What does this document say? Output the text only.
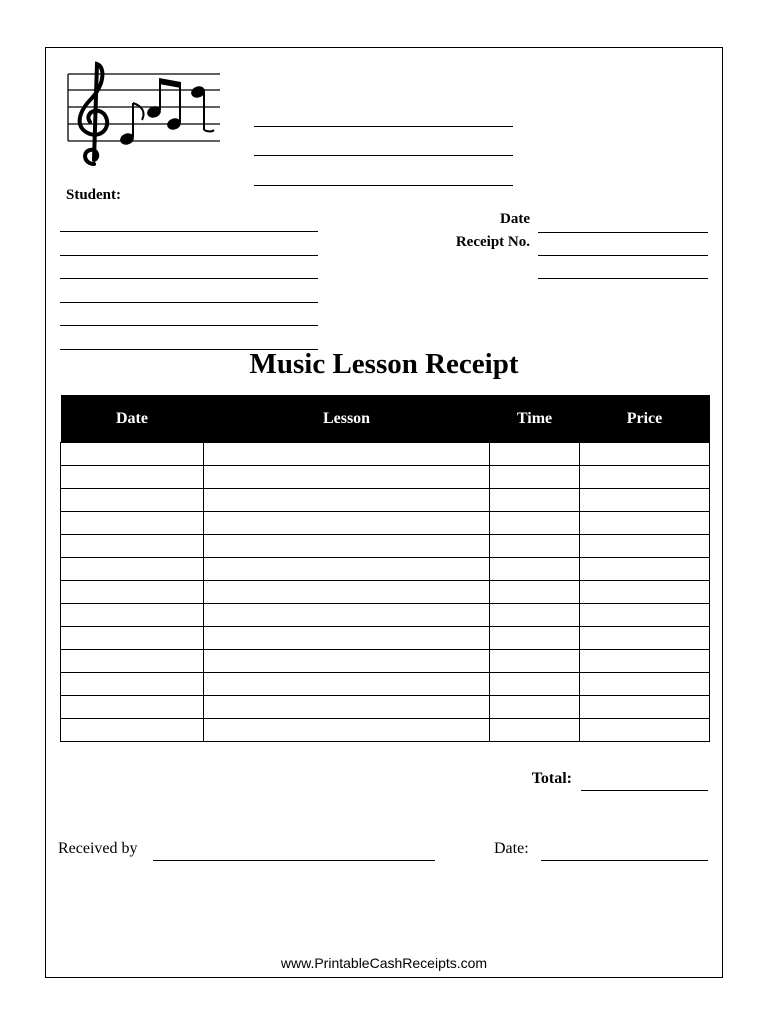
Student:
Date
Receipt No.
Music Lesson Receipt
Date	Lesson	Time	Price

Total:
Received by	Date:
www.PrintableCashReceipts.com
